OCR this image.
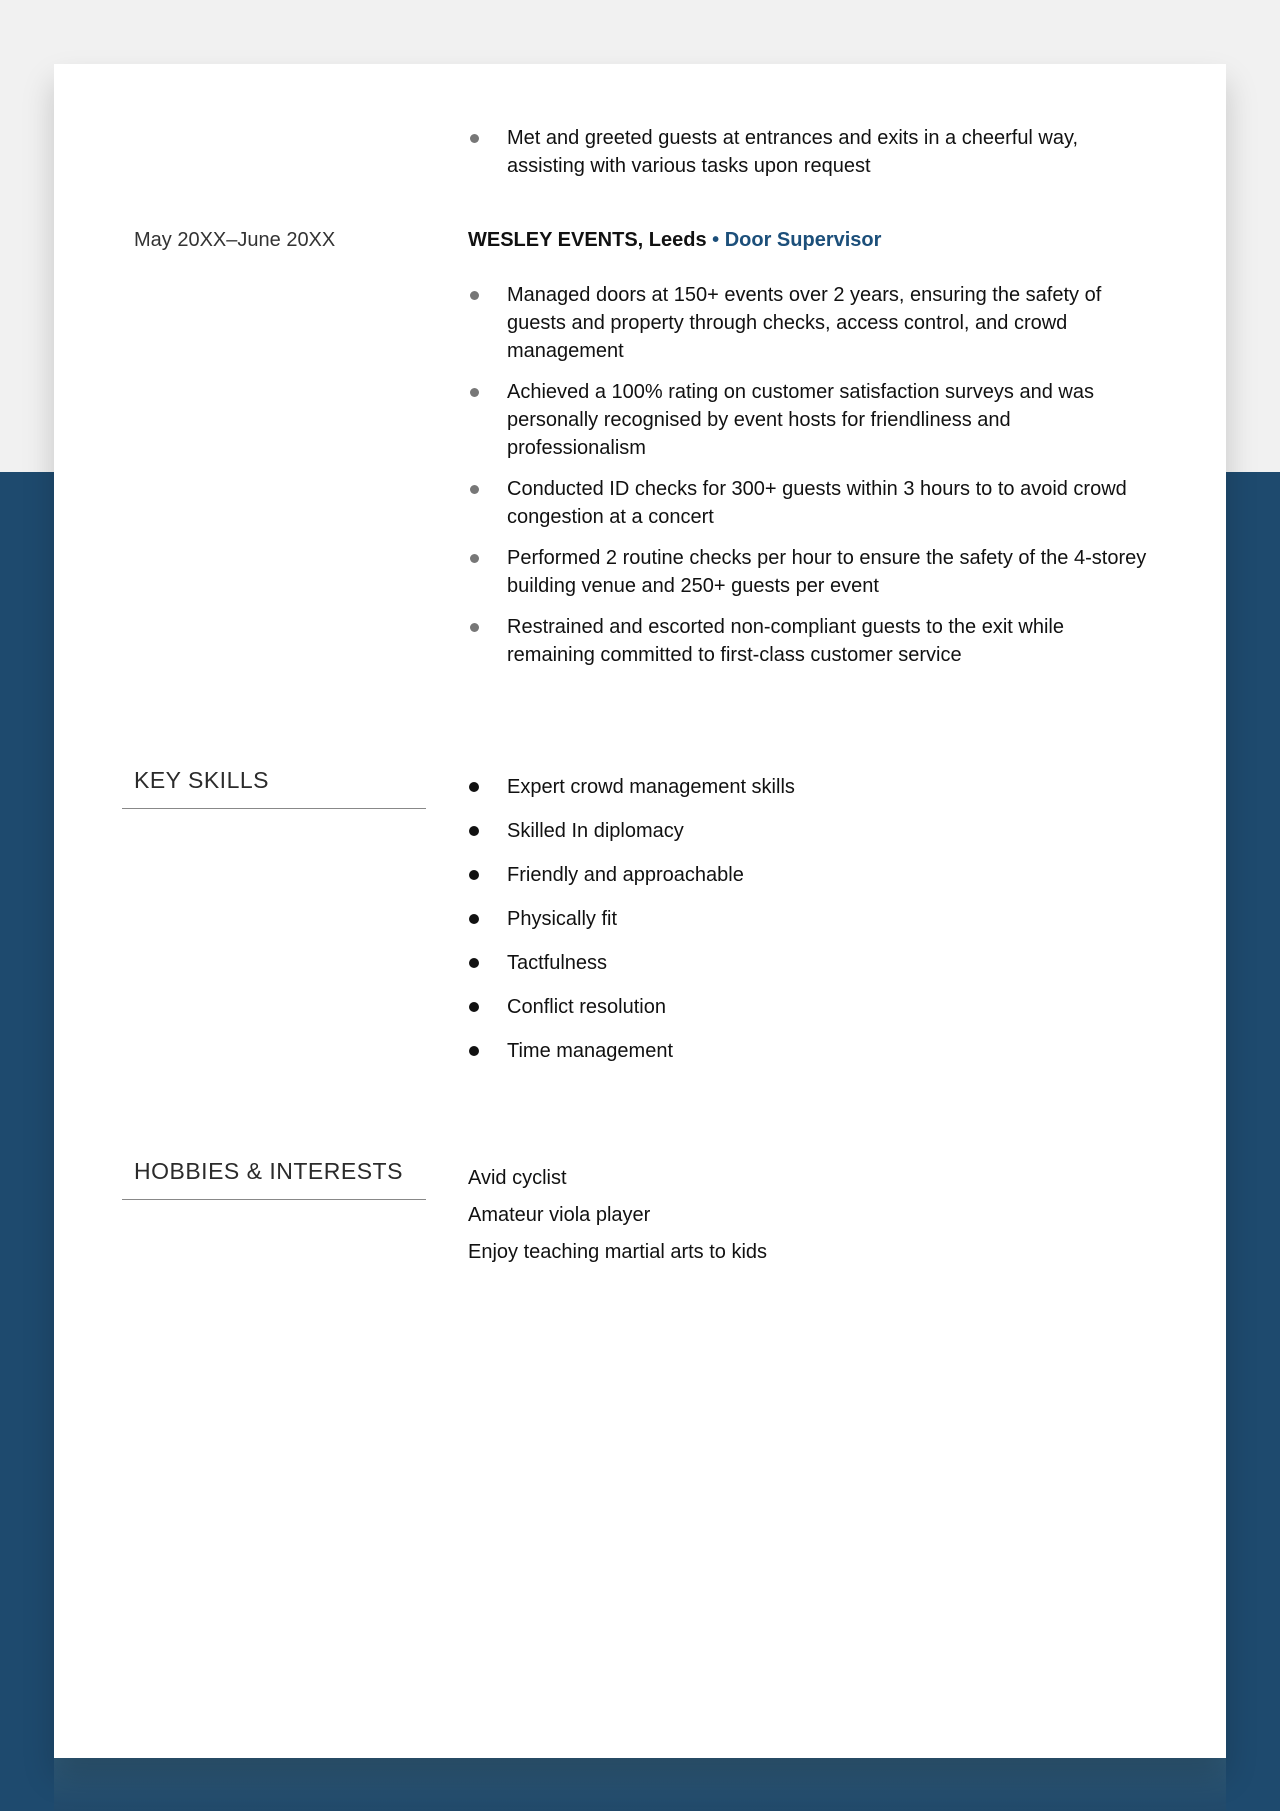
Met and greeted guests at entrances and exits in a cheerful way, assisting with various tasks upon request
May 20XX–June 20XX	WESLEY EVENTS, Leeds • Door Supervisor
Managed doors at 150+ events over 2 years, ensuring the safety of guests and property through checks, access control, and crowd management
Achieved a 100% rating on customer satisfaction surveys and was personally recognised by event hosts for friendliness and professionalism
Conducted ID checks for 300+ guests within 3 hours to to avoid crowd congestion at a concert
Performed 2 routine checks per hour to ensure the safety of the 4-storey building venue and 250+ guests per event
Restrained and escorted non-compliant guests to the exit while remaining committed to first-class customer service
KEY SKILLS	Expert crowd management skills
Skilled In diplomacy
Friendly and approachable
Physically fit
Tactfulness
Conflict resolution
Time management
HOBBIES & INTERESTS	Avid cyclist
Amateur viola player
Enjoy teaching martial arts to kids
